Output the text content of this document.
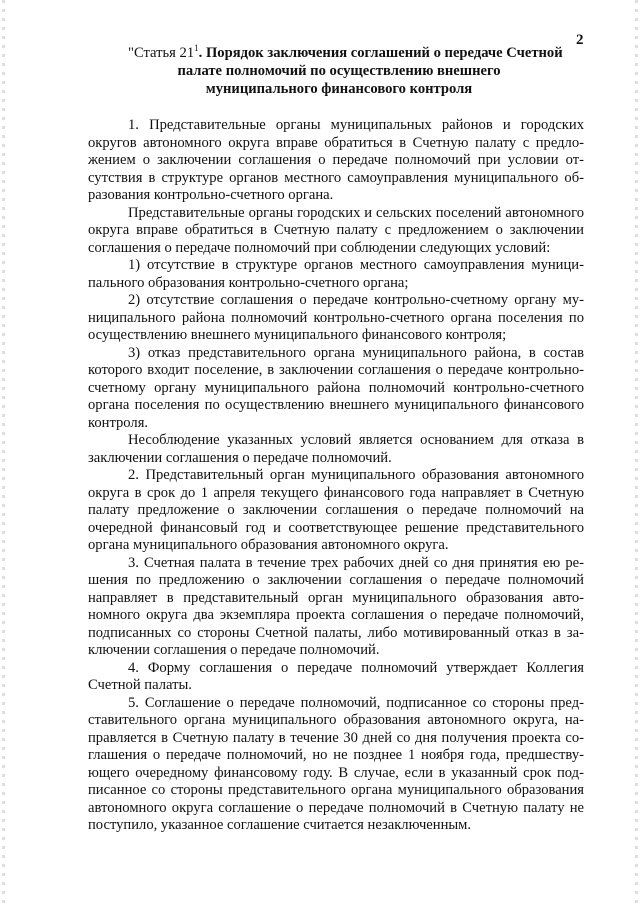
2
"Статья $21^1$. Порядок заключения соглашений о передаче Счетной
палате полномочий по осуществлению внешнего
муниципального финансового контроля

1. Представительные органы муниципальных районов и городских округов автономного округа вправе обратиться в Счетную палату с предложением о заключении соглашения о передаче полномочий при условии отсутствия в структуре органов местного самоуправления муниципального образования контрольно-счетного органа.

Представительные органы городских и сельских поселений автономного округа вправе обратиться в Счетную палату с предложением о заключении соглашения о передаче полномочий при соблюдении следующих условий:

1) отсутствие в структуре органов местного самоуправления муниципального образования контрольно-счетного органа;

2) отсутствие соглашения о передаче контрольно-счетному органу муниципального района полномочий контрольно-счетного органа поселения по осуществлению внешнего муниципального финансового контроля;

3) отказ представительного органа муниципального района, в состав которого входит поселение, в заключении соглашения о передаче контрольно-счетному органу муниципального района полномочий контрольно-счетного органа поселения по осуществлению внешнего муниципального финансового контроля.

Несоблюдение указанных условий является основанием для отказа в заключении соглашения о передаче полномочий.

2. Представительный орган муниципального образования автономного округа в срок до 1 апреля текущего финансового года направляет в Счетную палату предложение о заключении соглашения о передаче полномочий на очередной финансовый год и соответствующее решение представительного органа муниципального образования автономного округа.

3. Счетная палата в течение трех рабочих дней со дня принятия ею решения по предложению о заключении соглашения о передаче полномочий направляет в представительный орган муниципального образования автономного округа два экземпляра проекта соглашения о передаче полномочий, подписанных со стороны Счетной палаты, либо мотивированный отказ в заключении соглашения о передаче полномочий.

4. Форму соглашения о передаче полномочий утверждает Коллегия Счетной палаты.

5. Соглашение о передаче полномочий, подписанное со стороны представительного органа муниципального образования автономного округа, направляется в Счетную палату в течение 30 дней со дня получения проекта соглашения о передаче полномочий, но не позднее 1 ноября года, предшествующего очередному финансовому году. В случае, если в указанный срок подписанное со стороны представительного органа муниципального образования автономного округа соглашение о передаче полномочий в Счетную палату не поступило, указанное соглашение считается незаключенным.
